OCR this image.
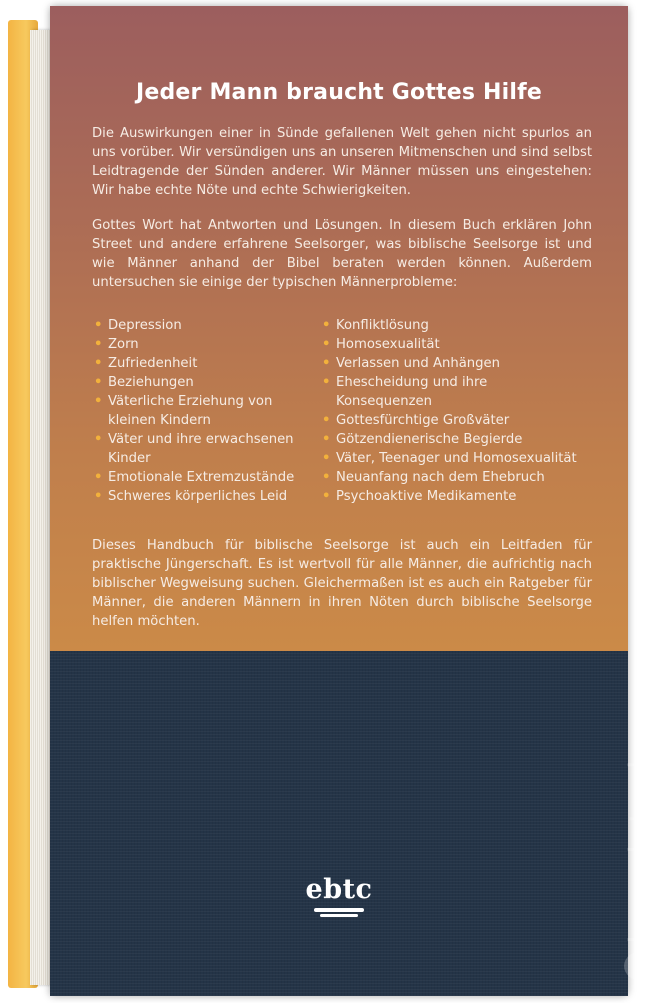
Jeder Mann braucht Gottes Hilfe

Die Auswirkungen einer in Sünde gefallenen Welt gehen nicht spurlos an uns vorüber. Wir versündigen uns an unseren Mitmenschen und sind selbst Leidtragende der Sünden anderer. Wir Männer müssen uns eingestehen: Wir habe echte Nöte und echte Schwierigkeiten.

Gottes Wort hat Antworten und Lösungen. In diesem Buch erklären John Street und andere erfahrene Seelsorger, was biblische Seelsorge ist und wie Männer anhand der Bibel beraten werden können. Außerdem untersuchen sie einige der typischen Männerprobleme:

• Depression
• Zorn
• Zufriedenheit
• Beziehungen
• Väterliche Erziehung von kleinen Kindern
• Väter und ihre erwachsenen Kinder
• Emotionale Extremzustände
• Schweres körperliches Leid
• Konfliktlösung
• Homosexualität
• Verlassen und Anhängen
• Ehescheidung und ihre Konsequenzen
• Gottesfürchtige Großväter
• Götzendienerische Begierde
• Väter, Teenager und Homosexualität
• Neuanfang nach dem Ehebruch
• Psychoaktive Medikamente

Dieses Handbuch für biblische Seelsorge ist auch ein Leitfaden für praktische Jüngerschaft. Es ist wertvoll für alle Männer, die aufrichtig nach biblischer Wegweisung suchen. Gleichermaßen ist es auch ein Ratgeber für Männer, die anderen Männern in ihren Nöten durch biblische Seelsorge helfen möchten.

ebtc	leseplatz.de
